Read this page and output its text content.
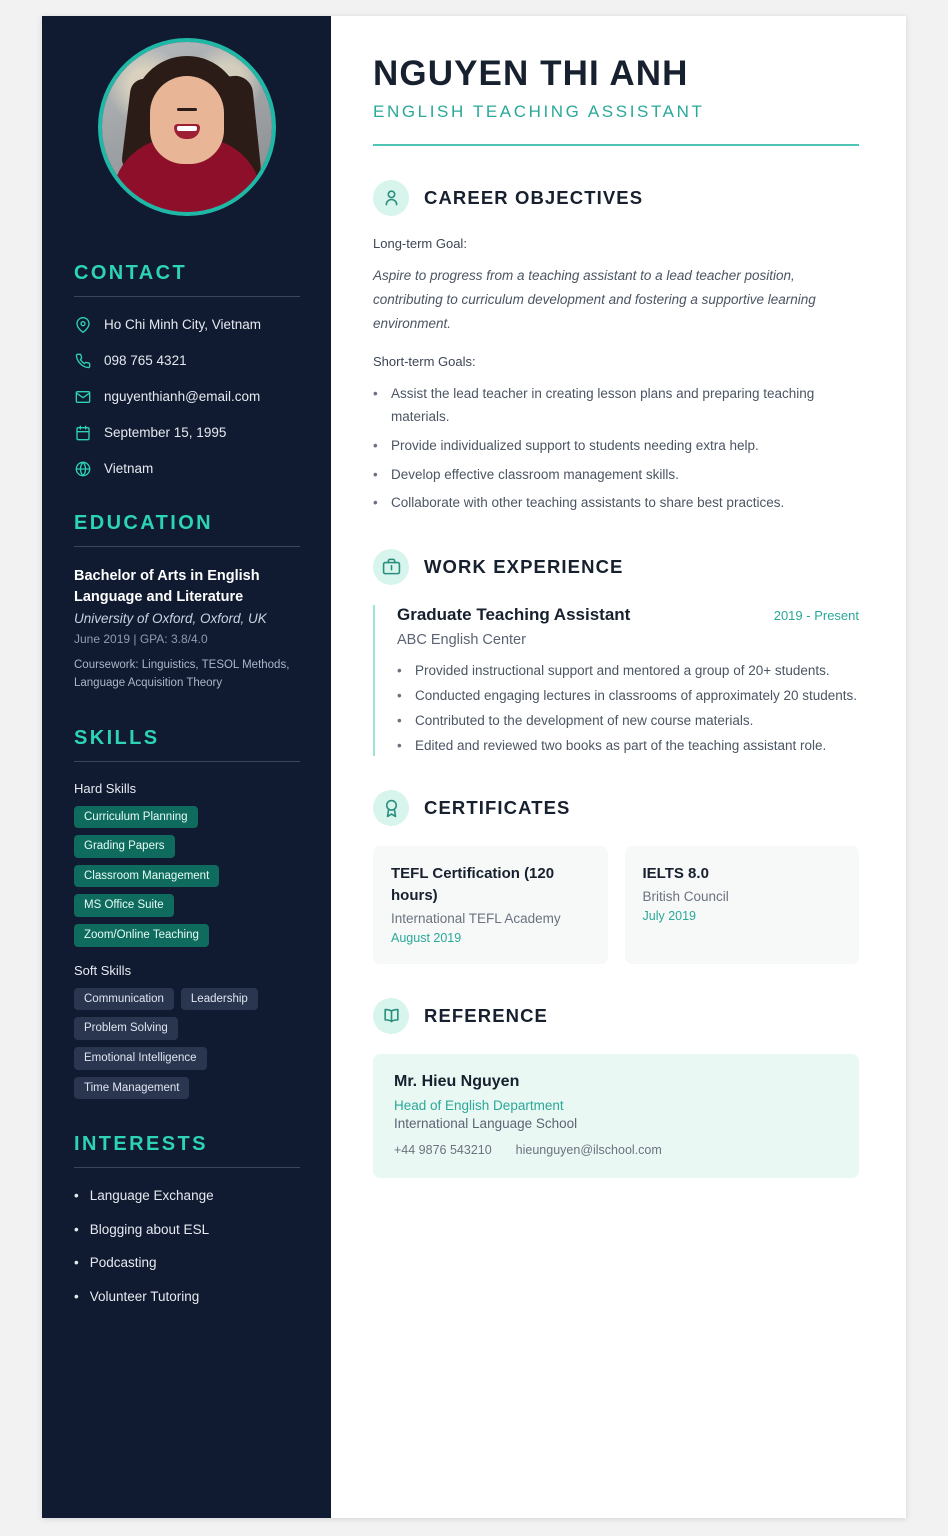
CONTACT
Ho Chi Minh City, Vietnam
098 765 4321
nguyenthianh@email.com
September 15, 1995
Vietnam
EDUCATION
Bachelor of Arts in English Language and Literature
University of Oxford, Oxford, UK
June 2019 | GPA: 3.8/4.0
Coursework: Linguistics, TESOL Methods, Language Acquisition Theory
SKILLS
Hard Skills
Curriculum Planning
Grading Papers
Classroom Management
MS Office Suite
Zoom/Online Teaching
Soft Skills
Communication	Leadership
Problem Solving
Emotional Intelligence
Time Management
INTERESTS
• Language Exchange
• Blogging about ESL
• Podcasting
• Volunteer Tutoring
NGUYEN THI ANH
ENGLISH TEACHING ASSISTANT
CAREER OBJECTIVES
Long-term Goal:
Aspire to progress from a teaching assistant to a lead teacher position, contributing to curriculum development and fostering a supportive learning environment.
Short-term Goals:
• Assist the lead teacher in creating lesson plans and preparing teaching materials.
• Provide individualized support to students needing extra help.
• Develop effective classroom management skills.
• Collaborate with other teaching assistants to share best practices.
WORK EXPERIENCE
Graduate Teaching Assistant	2019 - Present
ABC English Center
• Provided instructional support and mentored a group of 20+ students.
• Conducted engaging lectures in classrooms of approximately 20 students.
• Contributed to the development of new course materials.
• Edited and reviewed two books as part of the teaching assistant role.
CERTIFICATES
TEFL Certification (120 hours)
International TEFL Academy
August 2019
IELTS 8.0
British Council
July 2019
REFERENCE
Mr. Hieu Nguyen
Head of English Department
International Language School
+44 9876 543210 hieunguyen@ilschool.com
